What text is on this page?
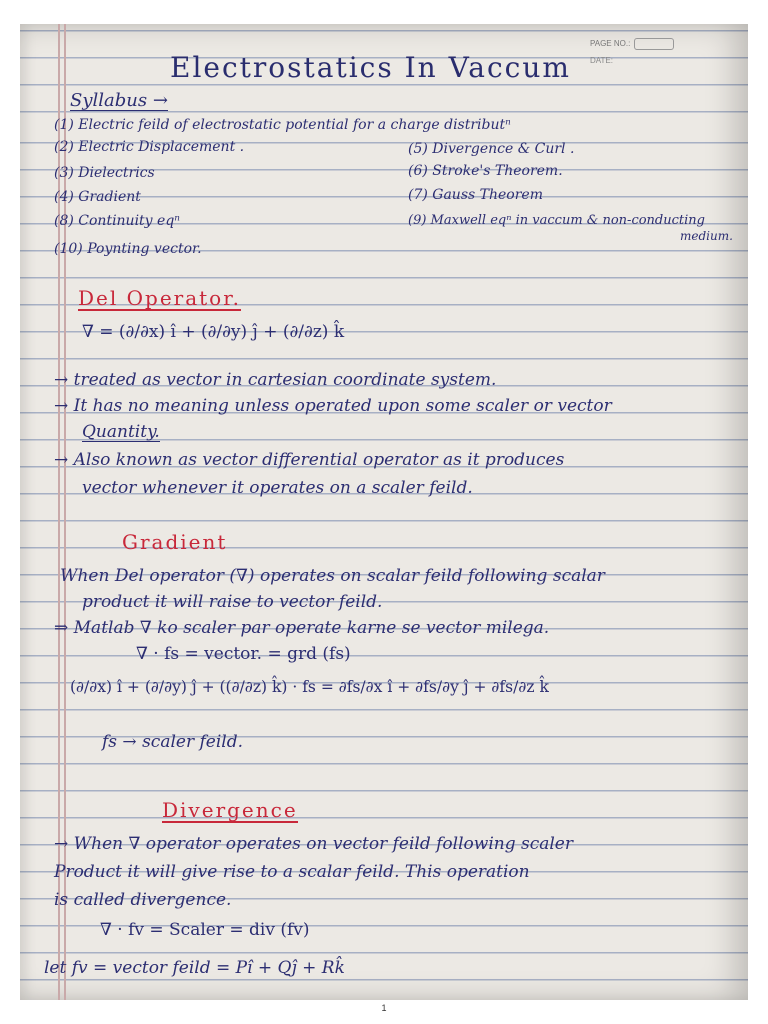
PAGE NO.:
DATE:
Electrostatics In Vaccum
Syllabus →
(1) Electric feild of electrostatic potential for a charge distributⁿ
(2) Electric Displacement .
(3) Dielectrics
(4) Gradient
(8) Continuity eqⁿ
(10) Poynting vector.
(5) Divergence & Curl .
(6) Stroke's Theorem.
(7) Gauss Theorem
(9) Maxwell eqⁿ in vaccum & non-conducting
medium.
Del Operator.
∇ = (∂/∂x) î + (∂/∂y) ĵ + (∂/∂z) k̂
→ treated as vector in cartesian coordinate system.
→ It has no meaning unless operated upon some scaler or vector
Quantity.
→ Also known as vector differential operator as it produces
vector whenever it operates on a scaler feild.
Gradient
When Del operator (∇) operates on scalar feild following scalar
product it will raise to vector feild.
⇒ Matlab ∇ ko scaler par operate karne se vector milega.
∇ · fs = vector. = grd (fs)
(∂/∂x) î + (∂/∂y) ĵ + ((∂/∂z) k̂) · fs = ∂fs/∂x î + ∂fs/∂y ĵ + ∂fs/∂z k̂
fs → scaler feild.
Divergence
→ When ∇ operator operates on vector feild following scaler
Product it will give rise to a scalar feild. This operation
is called divergence.
∇ · fv = Scaler = div (fv)
let fv = vector feild = Pî + Qĵ + Rk̂
1
